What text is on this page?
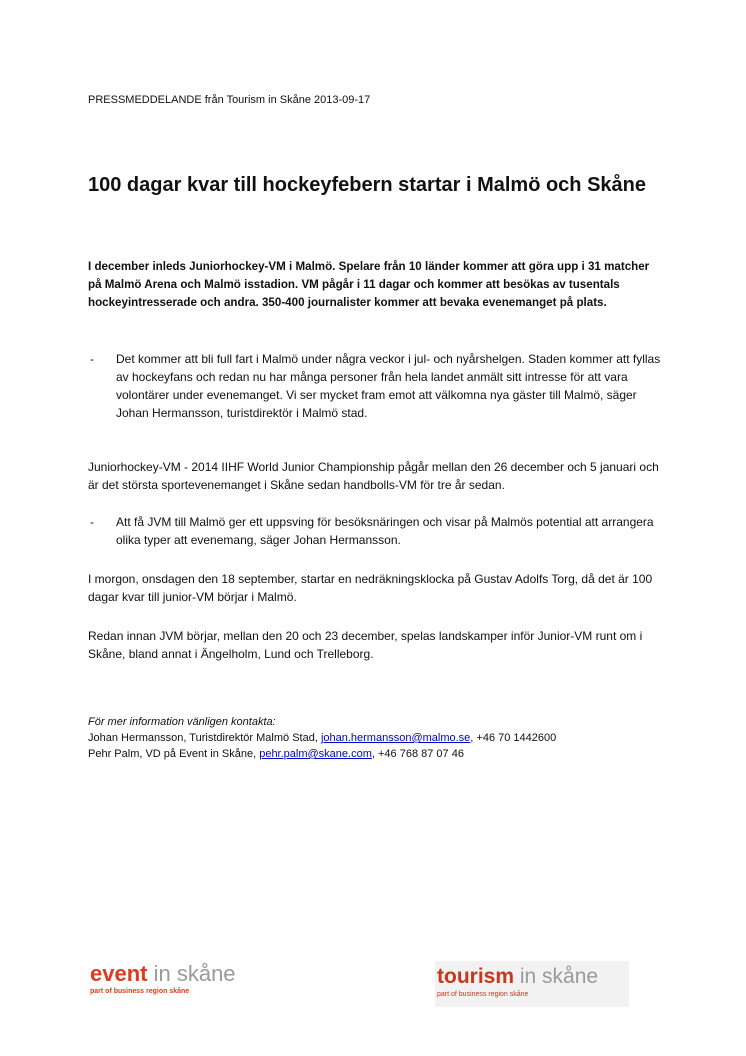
PRESSMEDDELANDE från Tourism in Skåne 2013-09-17
100 dagar kvar till hockeyfebern startar i Malmö och Skåne

I december inleds Juniorhockey-VM i Malmö. Spelare från 10 länder kommer att göra upp i 31 matcher på Malmö Arena och Malmö isstadion. VM pågår i 11 dagar och kommer att besökas av tusentals hockeyintresserade och andra. 350-400 journalister kommer att bevaka evenemanget på plats.

- Det kommer att bli full fart i Malmö under några veckor i jul- och nyårshelgen. Staden kommer att fyllas av hockeyfans och redan nu har många personer från hela landet anmält sitt intresse för att vara volontärer under evenemanget. Vi ser mycket fram emot att välkomna nya gäster till Malmö, säger Johan Hermansson, turistdirektör i Malmö stad.

Juniorhockey-VM - 2014 IIHF World Junior Championship pågår mellan den 26 december och 5 januari och är det största sportevenemanget i Skåne sedan handbolls-VM för tre år sedan.

- Att få JVM till Malmö ger ett uppsving för besöksnäringen och visar på Malmös potential att arrangera olika typer att evenemang, säger Johan Hermansson.

I morgon, onsdagen den 18 september, startar en nedräkningsklocka på Gustav Adolfs Torg, då det är 100 dagar kvar till junior-VM börjar i Malmö.

Redan innan JVM börjar, mellan den 20 och 23 december, spelas landskamper inför Junior-VM runt om i Skåne, bland annat i Ängelholm, Lund och Trelleborg.

För mer information vänligen kontakta:
Johan Hermansson, Turistdirektör Malmö Stad, johan.hermansson@malmo.se, +46 70 1442600
Pehr Palm, VD på Event in Skåne, pehr.palm@skane.com, +46 768 87 07 46
event in skåne
part of business region skåne
tourism in skåne
part of business region skåne
